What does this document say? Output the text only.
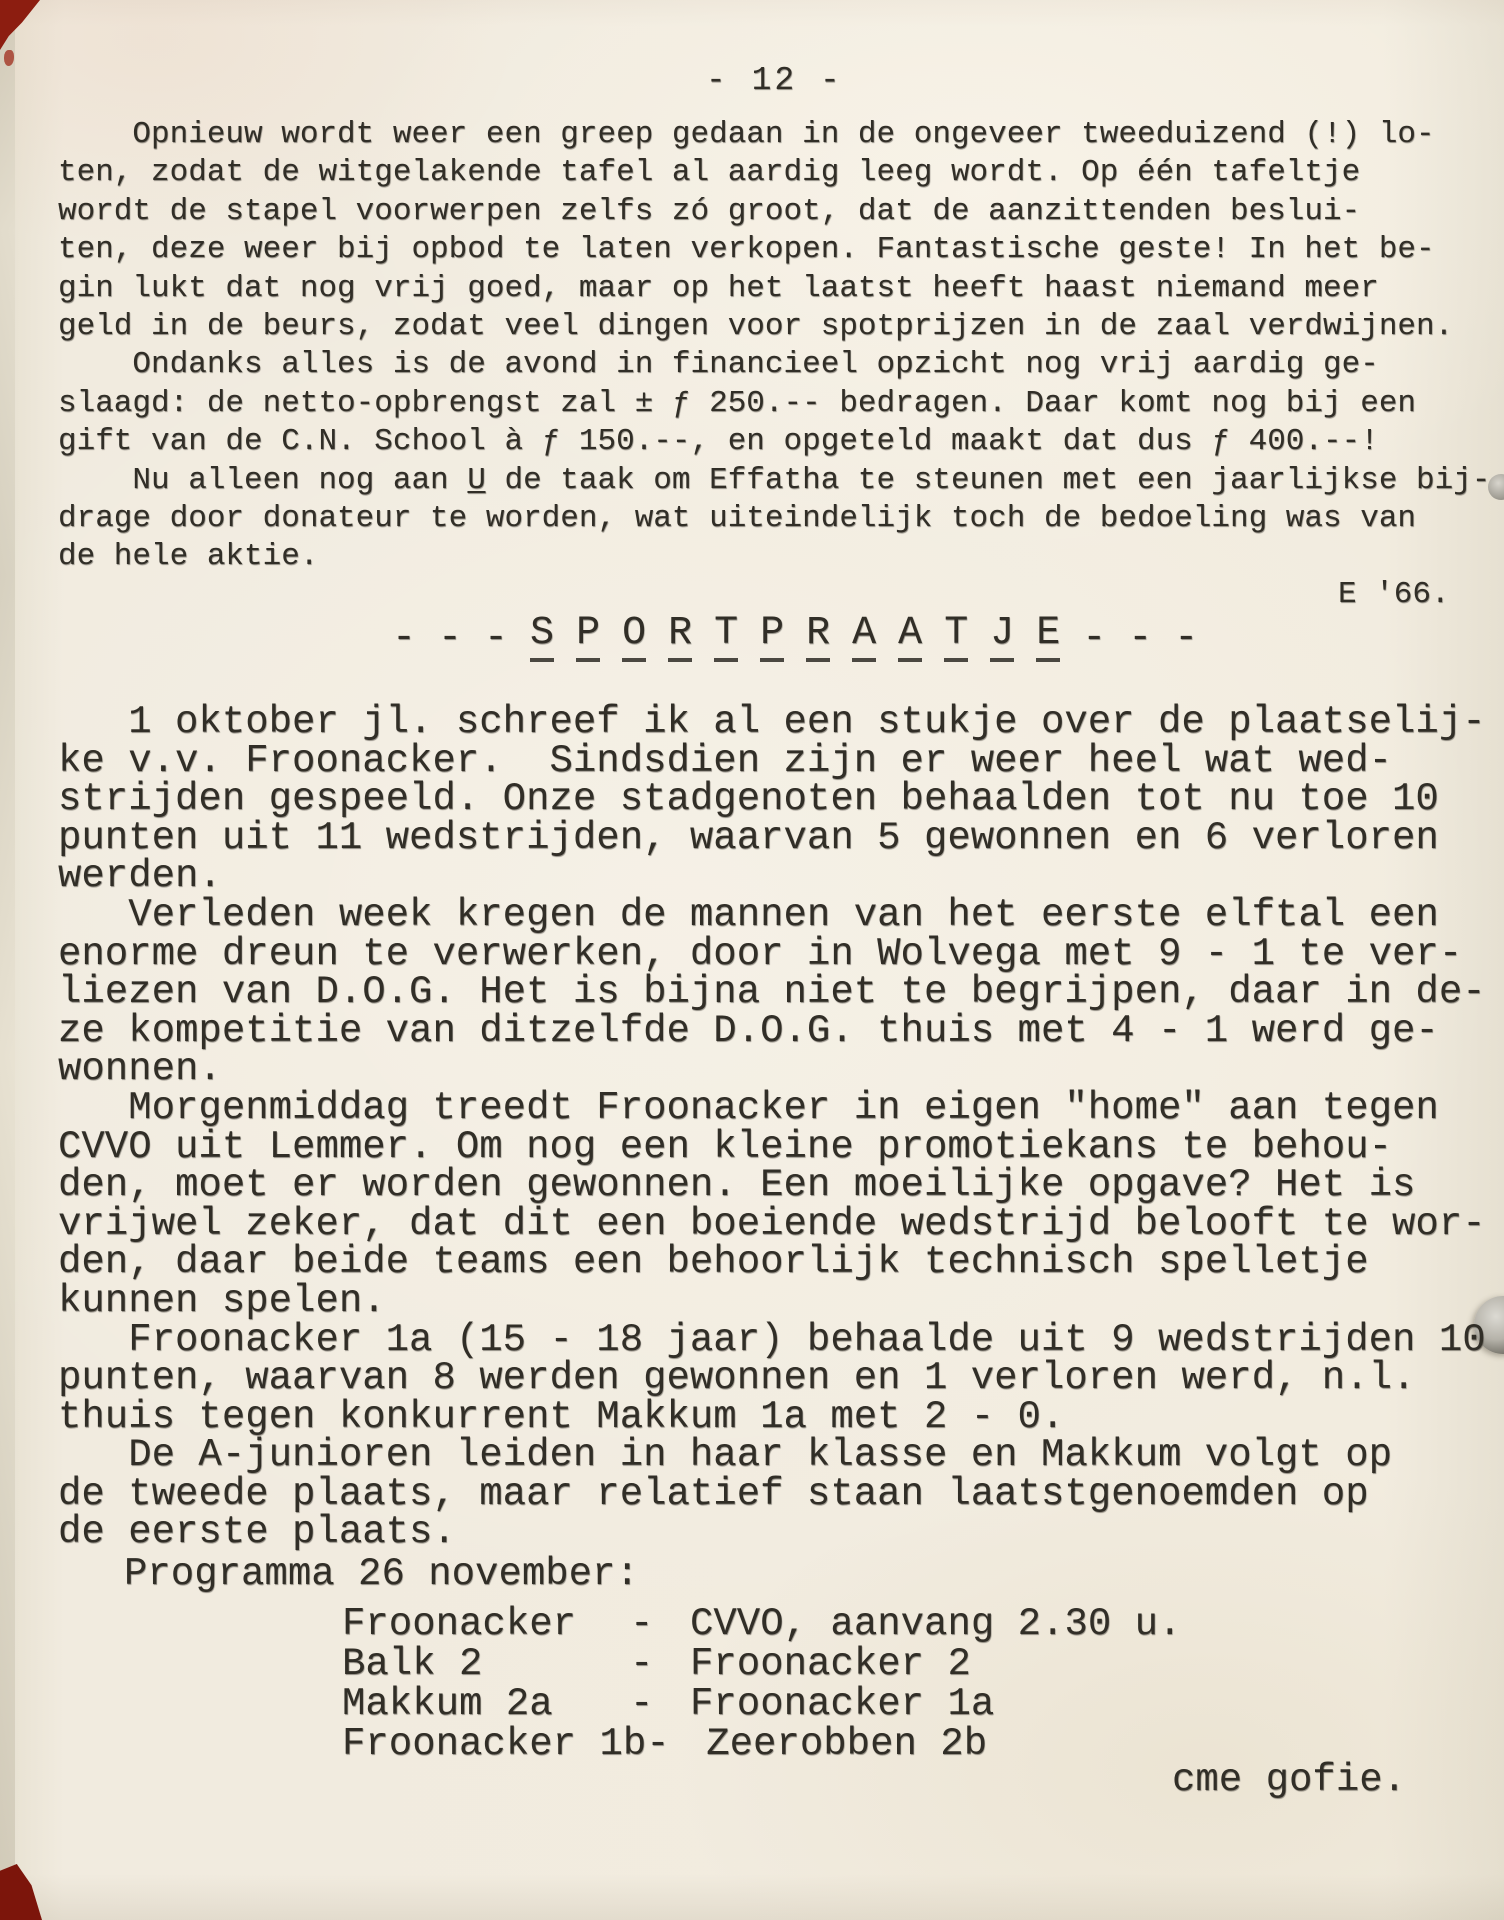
- 12 -
Opnieuw wordt weer een greep gedaan in de ongeveer tweeduizend (!) lo-
ten, zodat de witgelakende tafel al aardig leeg wordt. Op één tafeltje
wordt de stapel voorwerpen zelfs zó groot, dat de aanzittenden beslui-
ten, deze weer bij opbod te laten verkopen. Fantastische geste! In het be-
gin lukt dat nog vrij goed, maar op het laatst heeft haast niemand meer
geld in de beurs, zodat veel dingen voor spotprijzen in de zaal verdwijnen.
Ondanks alles is de avond in financieel opzicht nog vrij aardig ge-
slaagd: de netto-opbrengst zal ± ƒ 250.-- bedragen. Daar komt nog bij een
gift van de C.N. School à ƒ 150.--, en opgeteld maakt dat dus ƒ 400.--!
Nu alleen nog aan U̲ de taak om Effatha te steunen met een jaarlijkse bij-
drage door donateur te worden, wat uiteindelijk toch de bedoeling was van
de hele aktie.
E '66.
- - - S P O R T P R A A T J E - - -
1 oktober jl. schreef ik al een stukje over de plaatselij-
ke v.v. Froonacker.  Sindsdien zijn er weer heel wat wed-
strijden gespeeld. Onze stadgenoten behaalden tot nu toe 10
punten uit 11 wedstrijden, waarvan 5 gewonnen en 6 verloren
werden.
Verleden week kregen de mannen van het eerste elftal een
enorme dreun te verwerken, door in Wolvega met 9 - 1 te ver-
liezen van D.O.G. Het is bijna niet te begrijpen, daar in de-
ze kompetitie van ditzelfde D.O.G. thuis met 4 - 1 werd ge-
wonnen.
Morgenmiddag treedt Froonacker in eigen "home" aan tegen
CVVO uit Lemmer. Om nog een kleine promotiekans te behou-
den, moet er worden gewonnen. Een moeilijke opgave? Het is
vrijwel zeker, dat dit een boeiende wedstrijd belooft te wor-
den, daar beide teams een behoorlijk technisch spelletje
kunnen spelen.
Froonacker 1a (15 - 18 jaar) behaalde uit 9 wedstrijden 10
punten, waarvan 8 werden gewonnen en 1 verloren werd, n.l.
thuis tegen konkurrent Makkum 1a met 2 - 0.
De A-junioren leiden in haar klasse en Makkum volgt op
de tweede plaats, maar relatief staan laatstgenoemden op
de eerste plaats.
Programma 26 november:
Froonacker	- CVVO, aanvang 2.30 u.
Balk 2	- Froonacker 2
Makkum 2a	- Froonacker 1a
Froonacker 1b - Zeerobben 2b
cme gofie.
